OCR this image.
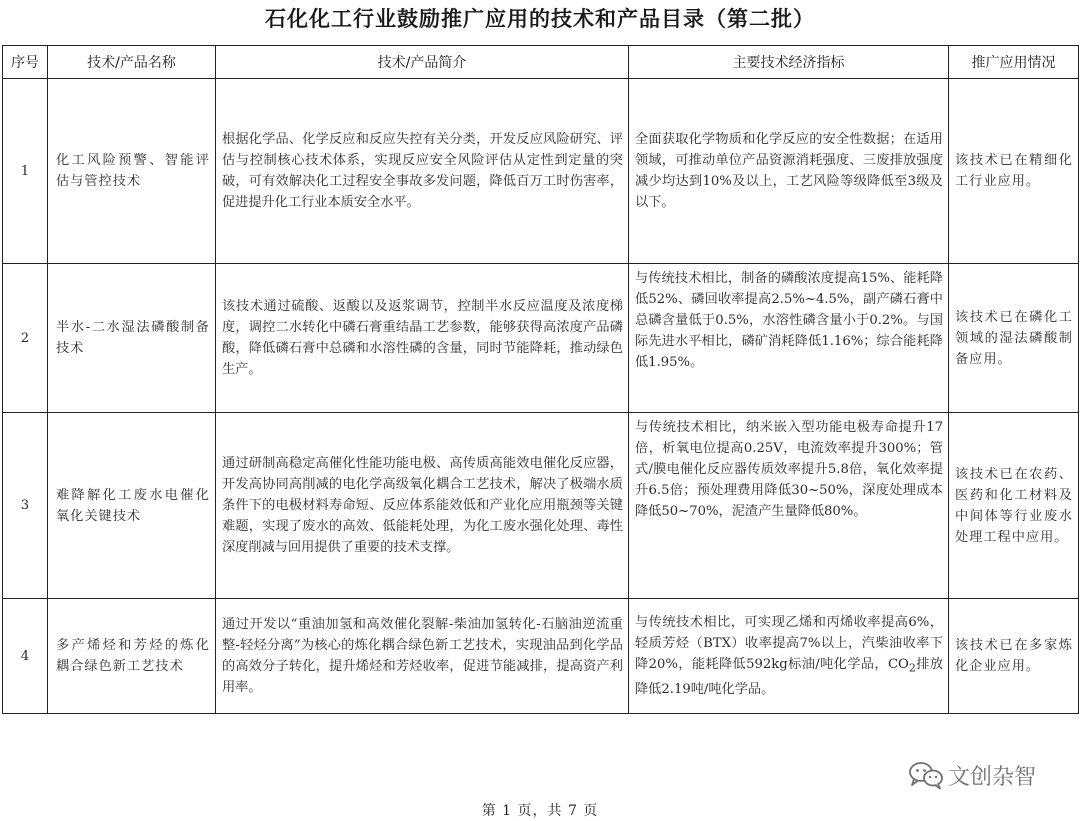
石化化工行业鼓励推广应用的技术和产品目录（第二批）
序号	技术/产品名称	技术/产品简介	主要技术经济指标	推广应用情况
1	化工风险预警、智能评估与管控技术	根据化学品、化学反应和反应失控有关分类，开发反应风险研究、评估与控制核心技术体系，实现反应安全风险评估从定性到定量的突破，可有效解决化工过程安全事故多发问题，降低百万工时伤害率，促进提升化工行业本质安全水平。	全面获取化学物质和化学反应的安全性数据；在适用领域，可推动单位产品资源消耗强度、三废排放强度减少均达到10%及以上，工艺风险等级降低至3级及以下。	该技术已在精细化工行业应用。

2	半水-二水湿法磷酸制备技术	该技术通过硫酸、返酸以及返浆调节，控制半水反应温度及浓度梯度，调控二水转化中磷石膏重结晶工艺参数，能够获得高浓度产品磷酸，降低磷石膏中总磷和水溶性磷的含量，同时节能降耗，推动绿色生产。	与传统技术相比，制备的磷酸浓度提高15%、能耗降低52%、磷回收率提高2.5%~4.5%，副产磷石膏中总磷含量低于0.5%，水溶性磷含量小于0.2%。与国际先进水平相比，磷矿消耗降低1.16%；综合能耗降低1.95%。	该技术已在磷化工领域的湿法磷酸制备应用。

3	难降解化工废水电催化氧化关键技术	通过研制高稳定高催化性能功能电极、高传质高能效电催化反应器，开发高协同高削减的电化学高级氧化耦合工艺技术，解决了极端水质条件下的电极材料寿命短、反应体系能效低和产业化应用瓶颈等关键难题，实现了废水的高效、低能耗处理，为化工废水强化处理、毒性深度削减与回用提供了重要的技术支撑。	与传统技术相比，纳米嵌入型功能电极寿命提升17倍，析氧电位提高0.25V，电流效率提升300%；管式/膜电催化反应器传质效率提升5.8倍，氧化效率提升6.5倍；预处理费用降低30~50%，深度处理成本降低50~70%，泥渣产生量降低80%。	该技术已在农药、医药和化工材料及中间体等行业废水处理工程中应用。

4	多产烯烃和芳烃的炼化耦合绿色新工艺技术	通过开发以“重油加氢和高效催化裂解-柴油加氢转化-石脑油逆流重整-轻烃分离”为核心的炼化耦合绿色新工艺技术，实现油品到化学品的高效分子转化，提升烯烃和芳烃收率，促进节能减排，提高资产利用率。	与传统技术相比，可实现乙烯和丙烯收率提高6%，轻质芳烃（BTX）收率提高7%以上，汽柴油收率下降20%，能耗降低592kg标油/吨化学品，$CO_2$排放降低2.19吨/吨化学品。	该技术已在多家炼化企业应用。
文创杂智
第 1 页，共 7 页
